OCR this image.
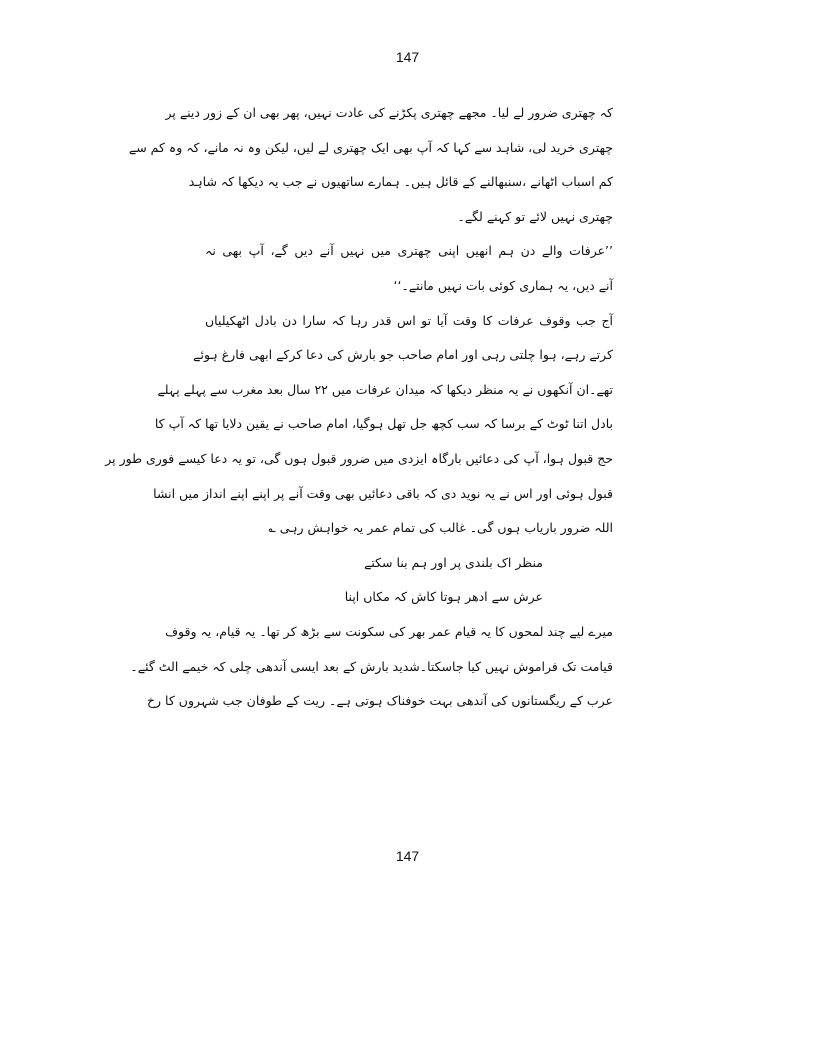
147
کہ چھتری ضرور لے لیا۔ مجھے چھتری پکڑنے کی عادت نہیں، پھر بھی ان کے زور دینے پر
چھتری خرید لی، شاہد سے کہا کہ آپ بھی ایک چھتری لے لیں، لیکن وہ نہ مانے، کہ وہ کم سے
کم اسباب اٹھانے ،سنبھالنے کے قائل ہیں۔ ہمارے ساتھیوں نے جب یہ دیکھا کہ شاہد
چھتری نہیں لائے تو کہنے لگے۔
’’عرفات والے دن ہم انھیں اپنی چھتری میں نہیں آنے دیں گے، آپ بھی نہ
آنے دیں، یہ ہماری کوئی بات نہیں مانتے۔‘‘
آج جب وقوف عرفات کا وقت آیا تو اس قدر رہا کہ سارا دن بادل اٹھکیلیاں
کرتے رہے، ہوا چلتی رہی اور امام صاحب جو بارش کی دعا کرکے ابھی فارغ ہوئے
تھے۔ان آنکھوں نے یہ منظر دیکھا کہ میدان عرفات میں ۲۲ سال بعد مغرب سے پہلے پہلے
بادل اتنا ٹوٹ کے برسا کہ سب کچھ جل تھل ہوگیا، امام صاحب نے یقین دلایا تھا کہ آپ کا
حج قبول ہوا، آپ کی دعائیں بارگاہ ایزدی میں ضرور قبول ہوں گی، تو یہ دعا کیسے فوری طور پر
قبول ہوئی اور اس نے یہ نوید دی کہ باقی دعائیں بھی وقت آنے پر اپنے اپنے انداز میں انشا
اللہ ضرور باریاب ہوں گی۔ غالب کی تمام عمر یہ خواہش رہی ؎
منظر اک بلندی پر اور ہم بنا سکتے
عرش سے ادھر ہوتا کاش کہ مکاں اپنا
میرے لیے چند لمحوں کا یہ قیام عمر بھر کی سکونت سے بڑھ کر تھا۔ یہ قیام، یہ وقوف
قیامت تک فراموش نہیں کیا جاسکتا۔شدید بارش کے بعد ایسی آندھی چلی کہ خیمے الٹ گئے۔
عرب کے ریگستانوں کی آندھی بہت خوفناک ہوتی ہے۔ ریت کے طوفان جب شہروں کا رخ
147
